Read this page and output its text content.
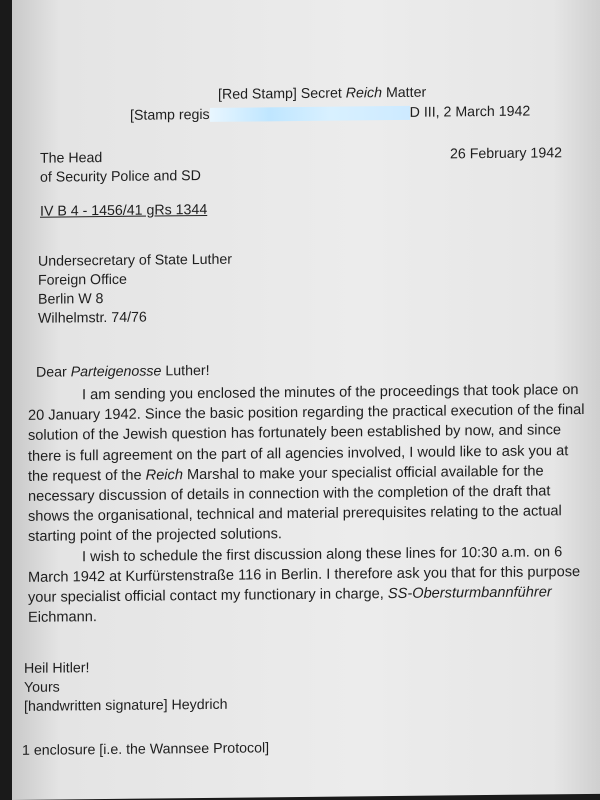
[Red Stamp] Secret Reich Matter
[Stamp regis	D III, 2 March 1942
The Head
of Security Police and SD
26 February 1942
IV B 4 - 1456/41 gRs 1344
Undersecretary of State Luther
Foreign Office
Berlin W 8
Wilhelmstr. 74/76
Dear Parteigenosse Luther!

I am sending you enclosed the minutes of the proceedings that took place on 20 January 1942. Since the basic position regarding the practical execution of the final solution of the Jewish question has fortunately been established by now, and since there is full agreement on the part of all agencies involved, I would like to ask you at the request of the Reich Marshal to make your specialist official available for the necessary discussion of details in connection with the completion of the draft that shows the organisational, technical and material prerequisites relating to the actual starting point of the projected solutions.

I wish to schedule the first discussion along these lines for 10:30 a.m. on 6 March 1942 at Kurfürstenstraße 116 in Berlin. I therefore ask you that for this purpose your specialist official contact my functionary in charge, SS-Obersturmbannführer Eichmann.

Heil Hitler!
Yours
[handwritten signature] Heydrich
1 enclosure [i.e. the Wannsee Protocol]
